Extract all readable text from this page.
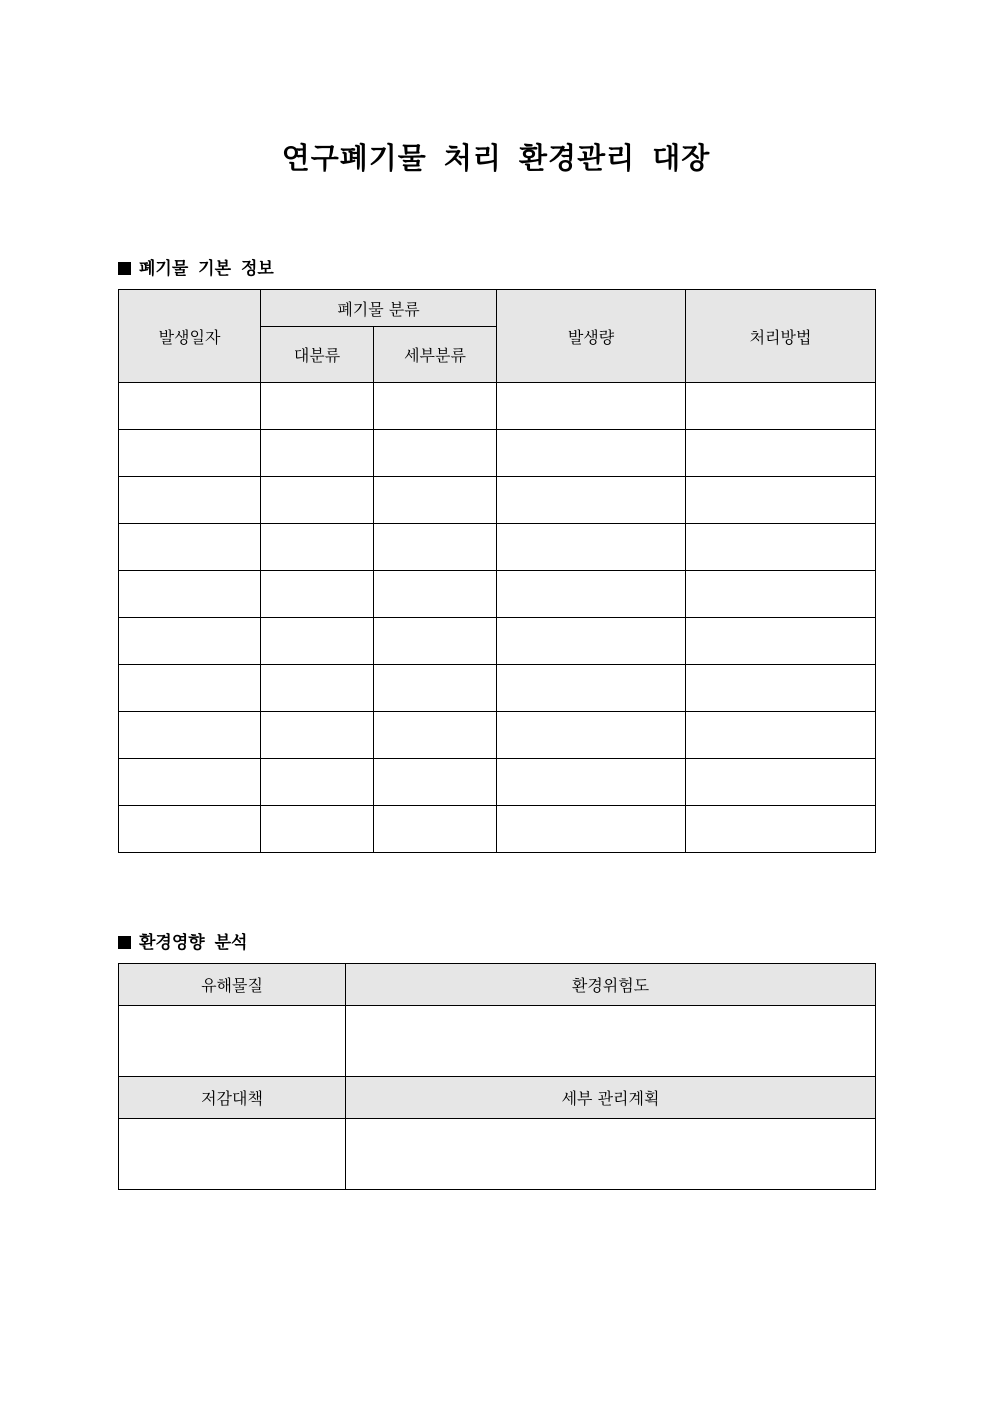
연구폐기물 처리 환경관리 대장
폐기물 기본 정보
발생일자	폐기물 분류		발생량	처리방법
	대분류	세부분류		

환경영향 분석
유해물질	환경위험도

저감대책	세부 관리계획
